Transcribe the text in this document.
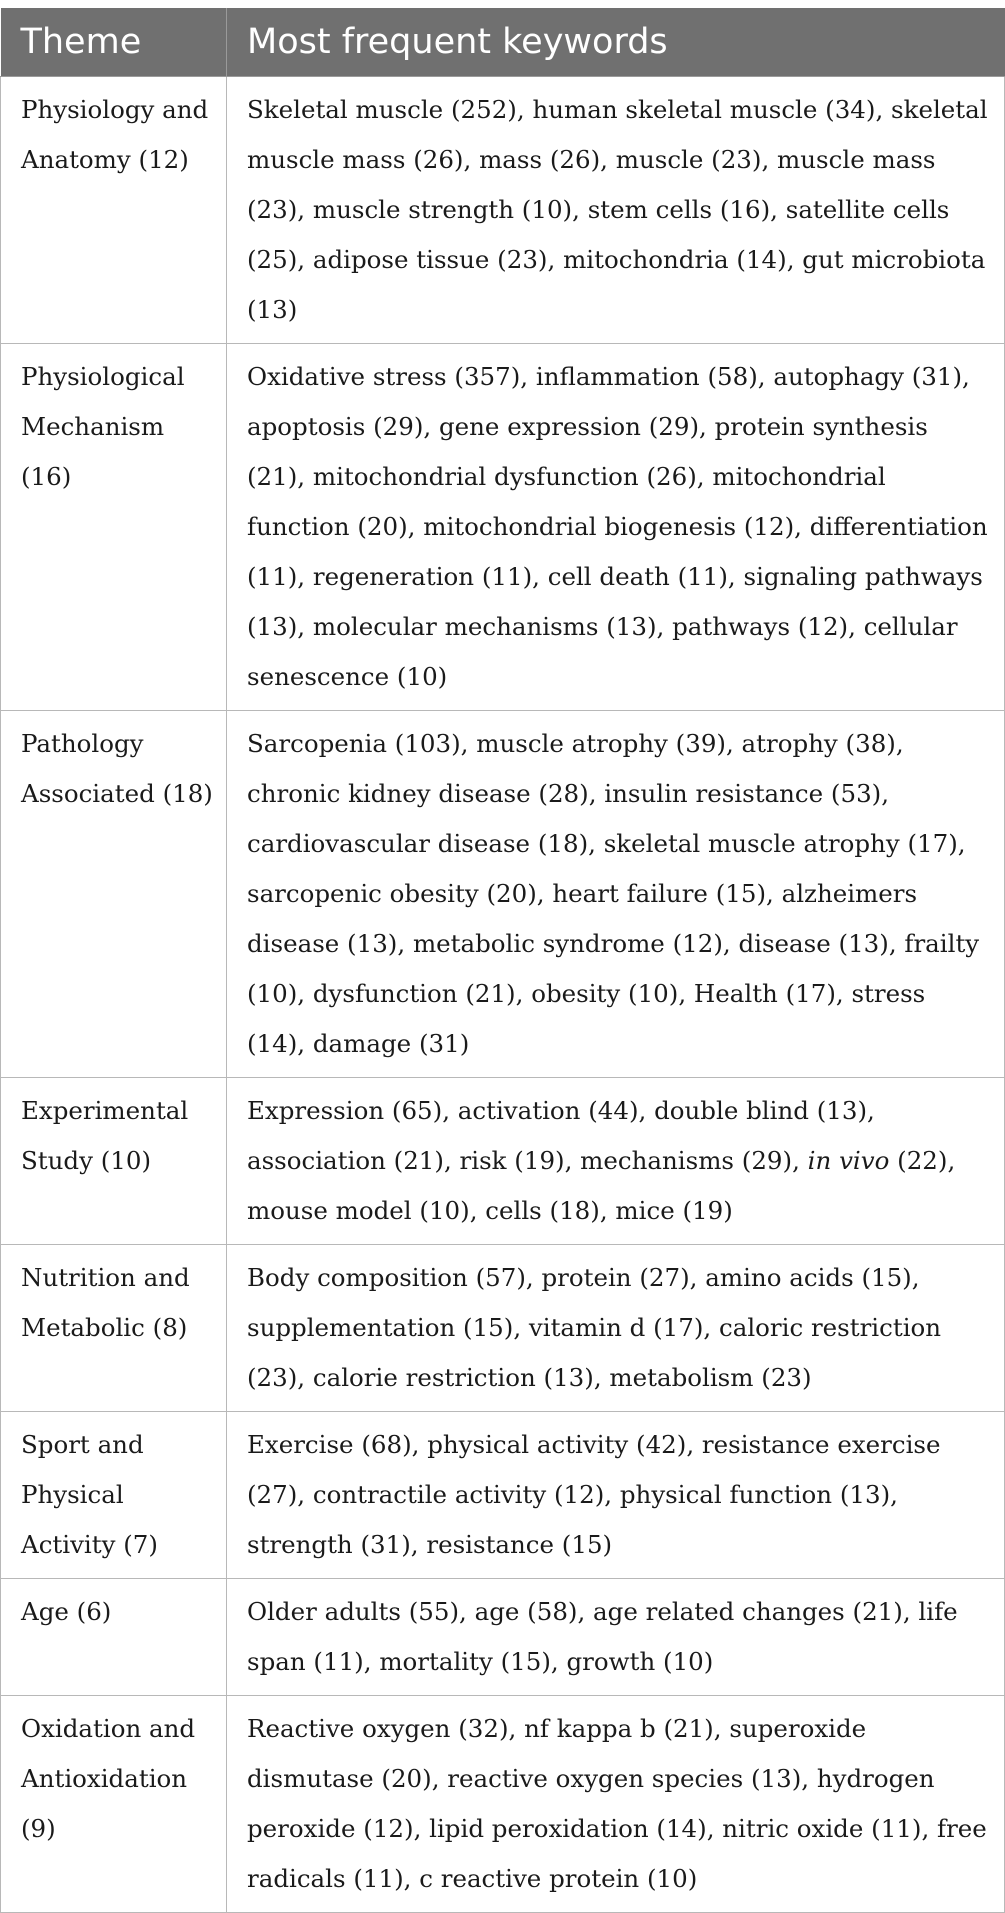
Theme	Most frequent keywords
Physiology and Anatomy (12)	Skeletal muscle (252), human skeletal muscle (34), skeletal muscle mass (26), mass (26), muscle (23), muscle mass (23), muscle strength (10), stem cells (16), satellite cells (25), adipose tissue (23), mitochondria (14), gut microbiota (13)
Physiological Mechanism (16)	Oxidative stress (357), inflammation (58), autophagy (31), apoptosis (29), gene expression (29), protein synthesis (21), mitochondrial dysfunction (26), mitochondrial function (20), mitochondrial biogenesis (12), differentiation (11), regeneration (11), cell death (11), signaling pathways (13), molecular mechanisms (13), pathways (12), cellular senescence (10)
Pathology Associated (18)	Sarcopenia (103), muscle atrophy (39), atrophy (38), chronic kidney disease (28), insulin resistance (53), cardiovascular disease (18), skeletal muscle atrophy (17), sarcopenic obesity (20), heart failure (15), alzheimers disease (13), metabolic syndrome (12), disease (13), frailty (10), dysfunction (21), obesity (10), Health (17), stress (14), damage (31)
Experimental Study (10)	Expression (65), activation (44), double blind (13), association (21), risk (19), mechanisms (29), in vivo (22), mouse model (10), cells (18), mice (19)
Nutrition and Metabolic (8)	Body composition (57), protein (27), amino acids (15), supplementation (15), vitamin d (17), caloric restriction (23), calorie restriction (13), metabolism (23)
Sport and Physical Activity (7)	Exercise (68), physical activity (42), resistance exercise (27), contractile activity (12), physical function (13), strength (31), resistance (15)
Age (6)	Older adults (55), age (58), age related changes (21), life span (11), mortality (15), growth (10)
Oxidation and Antioxidation (9)	Reactive oxygen (32), nf kappa b (21), superoxide dismutase (20), reactive oxygen species (13), hydrogen peroxide (12), lipid peroxidation (14), nitric oxide (11), free radicals (11), c reactive protein (10)
